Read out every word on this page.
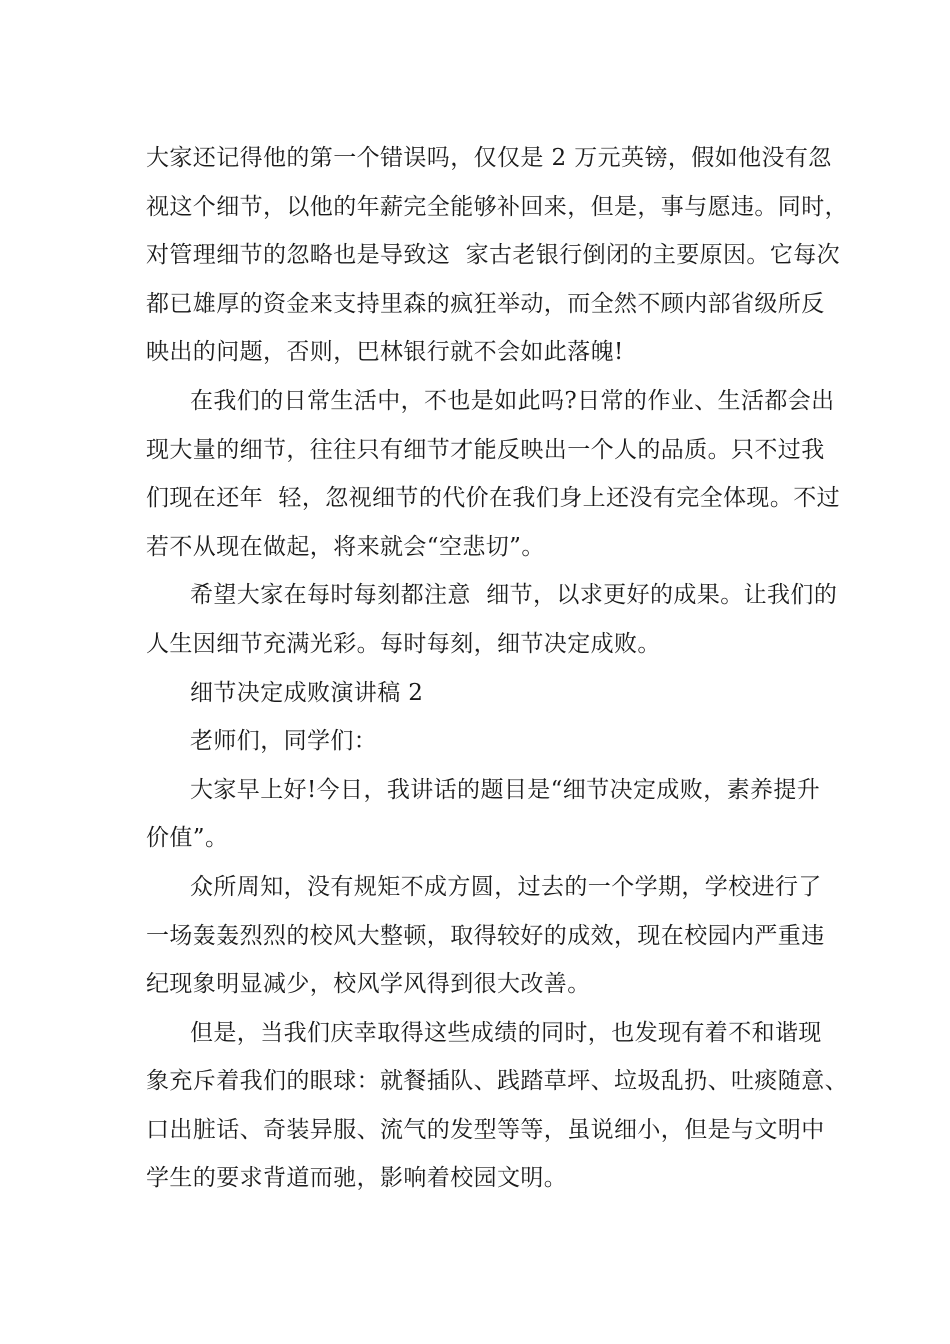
大家还记得他的第一个错误吗，仅仅是 2 万元英镑，假如他没有忽
视这个细节，以他的年薪完全能够补回来，但是，事与愿违。同时，
对管理细节的忽略也是导致这  家古老银行倒闭的主要原因。它每次
都已雄厚的资金来支持里森的疯狂举动，而全然不顾内部省级所反
映出的问题，否则，巴林银行就不会如此落魄!
在我们的日常生活中，不也是如此吗?日常的作业、生活都会出
现大量的细节，往往只有细节才能反映出一个人的品质。只不过我
们现在还年  轻，忽视细节的代价在我们身上还没有完全体现。不过
若不从现在做起，将来就会“空悲切”。
希望大家在每时每刻都注意  细节，以求更好的成果。让我们的
人生因细节充满光彩。每时每刻，细节决定成败。
细节决定成败演讲稿 2
老师们，同学们：
大家早上好!今日，我讲话的题目是“细节决定成败，素养提升
价值”。
众所周知，没有规矩不成方圆，过去的一个学期，学校进行了
一场轰轰烈烈的校风大整顿，取得较好的成效，现在校园内严重违
纪现象明显减少，校风学风得到很大改善。
但是，当我们庆幸取得这些成绩的同时，也发现有着不和谐现
象充斥着我们的眼球：就餐插队、践踏草坪、垃圾乱扔、吐痰随意、
口出脏话、奇装异服、流气的发型等等，虽说细小，但是与文明中
学生的要求背道而驰，影响着校园文明。
